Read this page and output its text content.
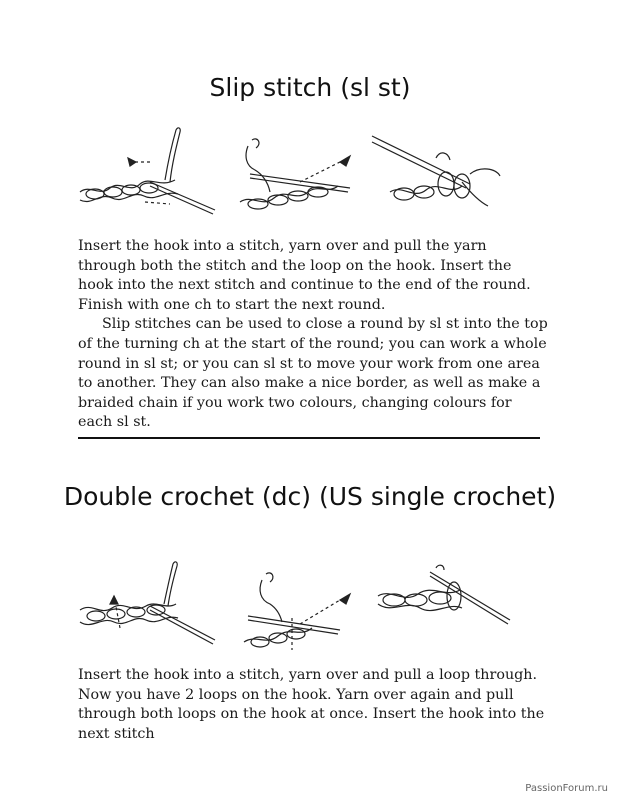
Slip stitch (sl st)

Insert the hook into a stitch, yarn over and pull the yarn through both the stitch and the loop on the hook. Insert the hook into the next stitch and continue to the end of the round. Finish with one ch to start the next round.

Slip stitches can be used to close a round by sl st into the top of the turning ch at the start of the round; you can work a whole round in sl st; or you can sl st to move your work from one area to another. They can also make a nice border, as well as make a braided chain if you work two colours, changing colours for each sl st.

Double crochet (dc) (US single crochet)

Insert the hook into a stitch, yarn over and pull a loop through. Now you have 2 loops on the hook. Yarn over again and pull through both loops on the hook at once. Insert the hook into the next stitch

PassionForum.ru
